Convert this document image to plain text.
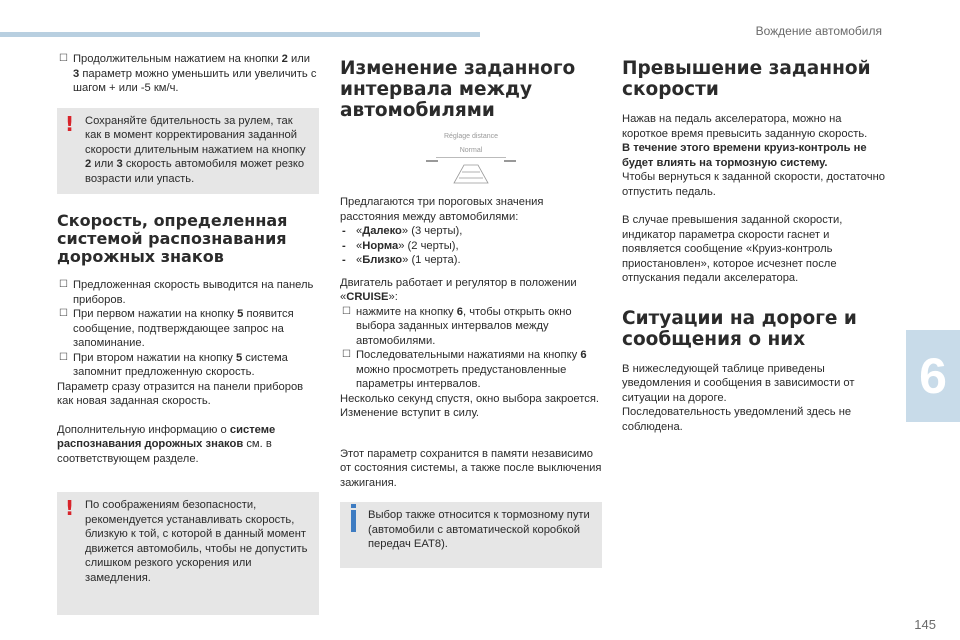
Вождение автомобиля
6
145
☐ Продолжительным нажатием на кнопки 2 или 3 параметр можно уменьшить или увеличить с шагом + или -5 км/ч.
! Сохраняйте бдительность за рулем, так как в момент корректирования заданной скорости длительным нажатием на кнопку 2 или 3 скорость автомобиля может резко возрасти или упасть.

Скорость, определенная системой распознавания дорожных знаков
☐ Предложенная скорость выводится на панель приборов.
☐ При первом нажатии на кнопку 5 появится сообщение, подтверждающее запрос на запоминание.
☐ При втором нажатии на кнопку 5 система запомнит предложенную скорость.

Параметр сразу отразится на панели приборов как новая заданная скорость.

Дополнительную информацию о системе распознавания дорожных знаков см. в соответствующем разделе.

! По соображениям безопасности, рекомендуется устанавливать скорость, близкую к той, с которой в данный момент движется автомобиль, чтобы не допустить слишком резкого ускорения или замедления.

Изменение заданного интервала между автомобилями
Réglage distance
Normal

Предлагаются три пороговых значения расстояния между автомобилями:

- «Далеко» (3 черты),
- «Норма» (2 черты),
- «Близко» (1 черта).

Двигатель работает и регулятор в положении «CRUISE»:

☐ нажмите на кнопку 6, чтобы открыть окно выбора заданных интервалов между автомобилями.
☐ Последовательными нажатиями на кнопку 6 можно просмотреть предустановленные параметры интервалов.

Несколько секунд спустя, окно выбора закроется. Изменение вступит в силу.

Этот параметр сохранится в памяти независимо от состояния системы, а также после выключения зажигания.

Выбор также относится к тормозному пути (автомобили с автоматической коробкой передач EAT8).

Превышение заданной скорости

Нажав на педаль акселератора, можно на короткое время превысить заданную скорость.

В течение этого времени круиз-контроль не будет влиять на тормозную систему.

Чтобы вернуться к заданной скорости, достаточно отпустить педаль.

В случае превышения заданной скорости, индикатор параметра скорости гаснет и появляется сообщение «Круиз-контроль приостановлен», которое исчезнет после отпускания педали акселератора.

Ситуации на дороге и сообщения о них

В нижеследующей таблице приведены уведомления и сообщения в зависимости от ситуации на дороге.

Последовательность уведомлений здесь не соблюдена.
